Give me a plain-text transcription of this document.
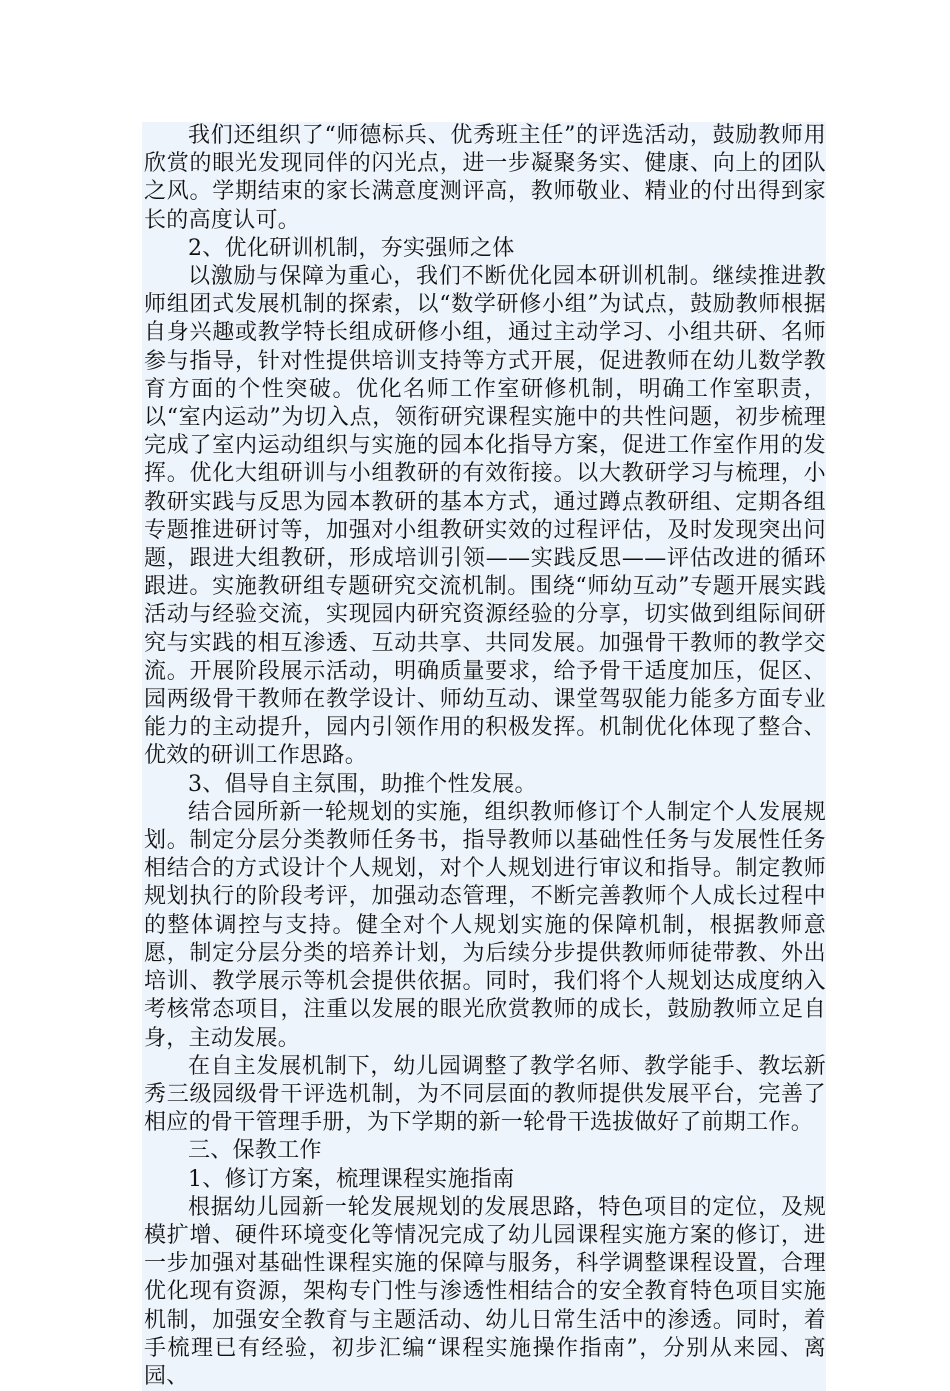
我们还组织了“师德标兵、优秀班主任”的评选活动，鼓励教师用欣赏的眼光发现同伴的闪光点，进一步凝聚务实、健康、向上的团队之风。学期结束的家长满意度测评高，教师敬业、精业的付出得到家长的高度认可。

2、优化研训机制，夯实强师之体

以激励与保障为重心，我们不断优化园本研训机制。继续推进教师组团式发展机制的探索，以“数学研修小组”为试点，鼓励教师根据自身兴趣或教学特长组成研修小组，通过主动学习、小组共研、名师参与指导，针对性提供培训支持等方式开展，促进教师在幼儿数学教育方面的个性突破。优化名师工作室研修机制，明确工作室职责，以“室内运动”为切入点，领衔研究课程实施中的共性问题，初步梳理完成了室内运动组织与实施的园本化指导方案，促进工作室作用的发挥。优化大组研训与小组教研的有效衔接。以大教研学习与梳理，小教研实践与反思为园本教研的基本方式，通过蹲点教研组、定期各组专题推进研讨等，加强对小组教研实效的过程评估，及时发现突出问题，跟进大组教研，形成培训引领——实践反思——评估改进的循环跟进。实施教研组专题研究交流机制。围绕“师幼互动”专题开展实践活动与经验交流，实现园内研究资源经验的分享，切实做到组际间研究与实践的相互渗透、互动共享、共同发展。加强骨干教师的教学交流。开展阶段展示活动，明确质量要求，给予骨干适度加压，促区、园两级骨干教师在教学设计、师幼互动、课堂驾驭能力能多方面专业能力的主动提升，园内引领作用的积极发挥。机制优化体现了整合、优效的研训工作思路。

3、倡导自主氛围，助推个性发展。

结合园所新一轮规划的实施，组织教师修订个人制定个人发展规划。制定分层分类教师任务书，指导教师以基础性任务与发展性任务相结合的方式设计个人规划，对个人规划进行审议和指导。制定教师规划执行的阶段考评，加强动态管理，不断完善教师个人成长过程中的整体调控与支持。健全对个人规划实施的保障机制，根据教师意愿，制定分层分类的培养计划，为后续分步提供教师师徒带教、外出培训、教学展示等机会提供依据。同时，我们将个人规划达成度纳入考核常态项目，注重以发展的眼光欣赏教师的成长，鼓励教师立足自身，主动发展。

在自主发展机制下，幼儿园调整了教学名师、教学能手、教坛新秀三级园级骨干评选机制，为不同层面的教师提供发展平台，完善了相应的骨干管理手册，为下学期的新一轮骨干选拔做好了前期工作。

三、保教工作

1、修订方案，梳理课程实施指南

根据幼儿园新一轮发展规划的发展思路，特色项目的定位，及规模扩增、硬件环境变化等情况完成了幼儿园课程实施方案的修订，进一步加强对基础性课程实施的保障与服务，科学调整课程设置，合理优化现有资源，架构专门性与渗透性相结合的安全教育特色项目实施机制，加强安全教育与主题活动、幼儿日常生活中的渗透。同时，着手梳理已有经验，初步汇编“课程实施操作指南”，分别从来园、离园、
